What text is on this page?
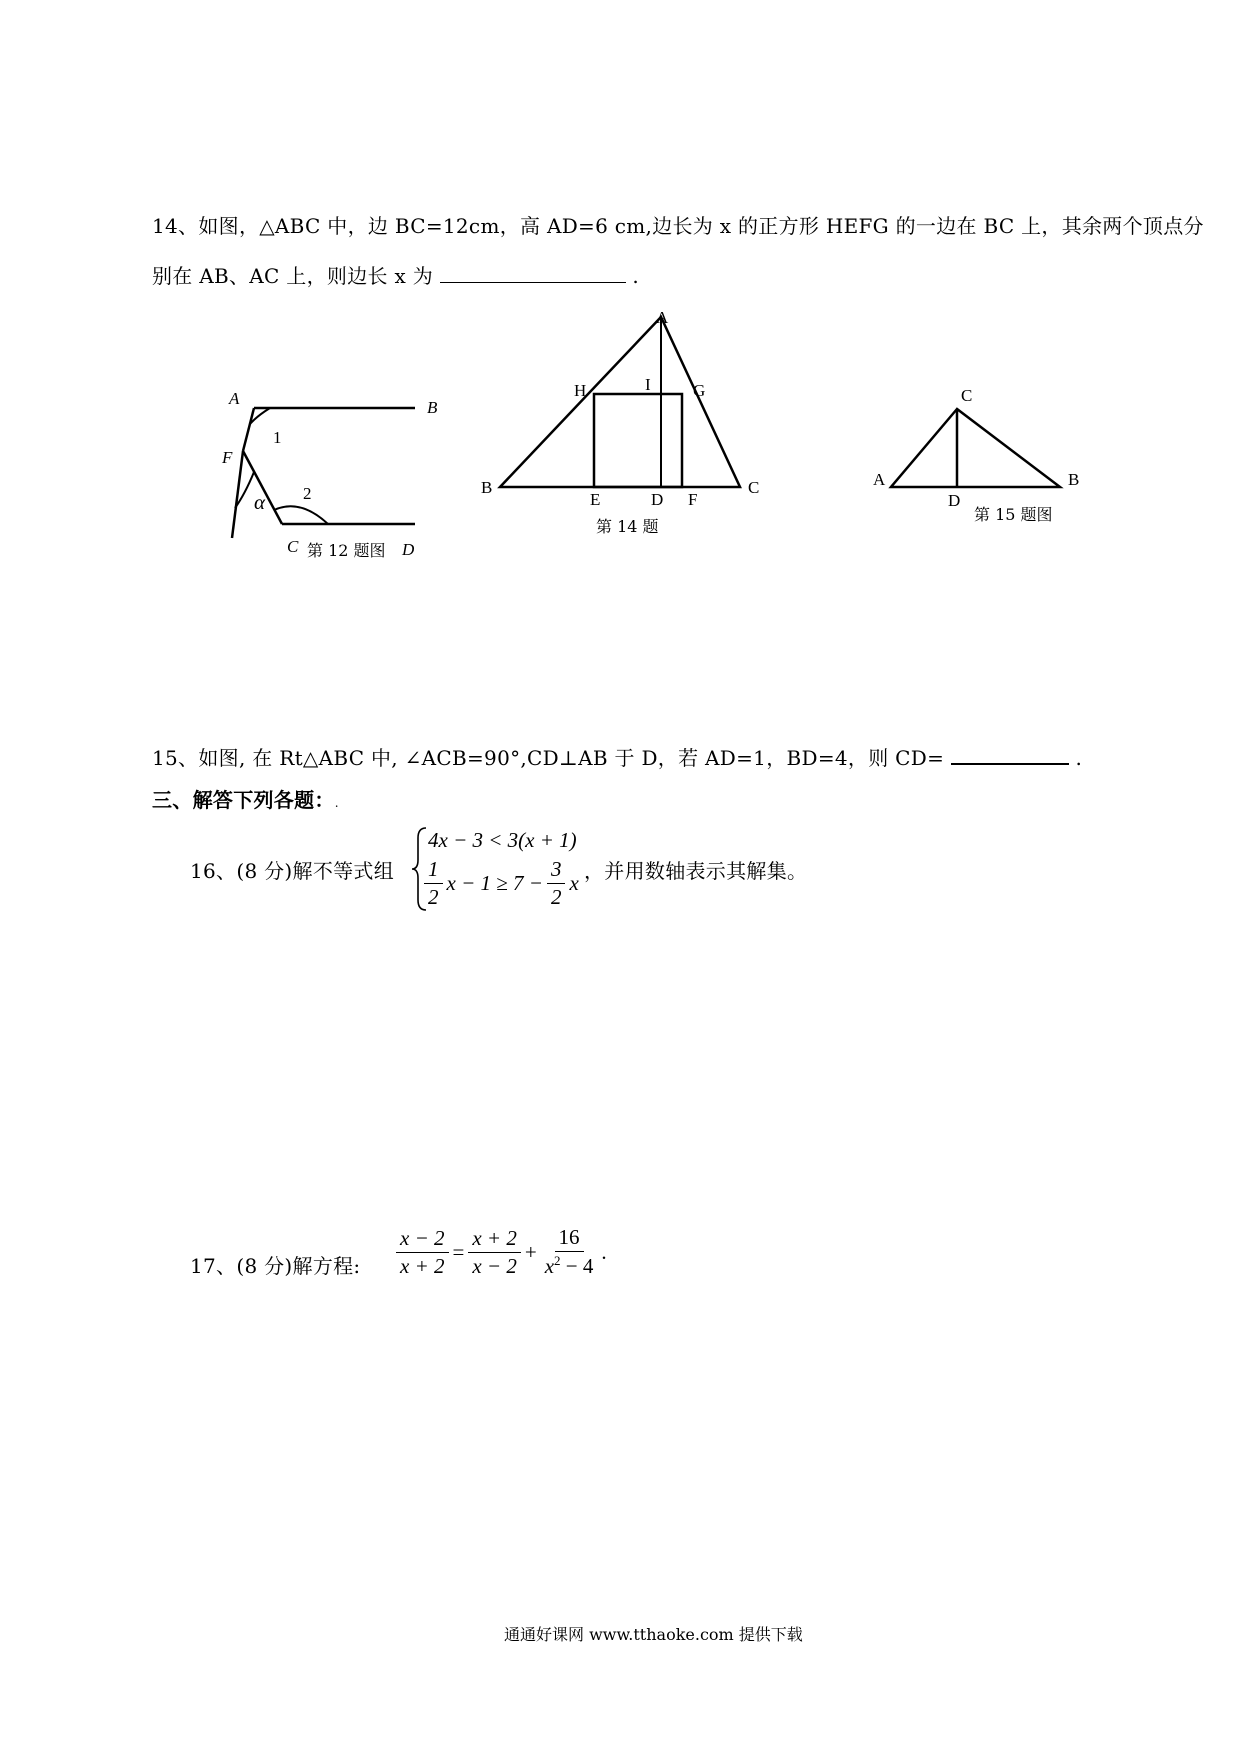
14、如图，△ABC 中，边 BC=12cm，高 AD=6 cm,边长为 x 的正方形 HEFG 的一边在 BC 上，其余两个顶点分
别在 AB、AC 上，则边长 x 为	.
A	B
1
F
2
α
C 第 12 题图 D
A
H	I G
B
E	D F
C
第 14 题
C
A	B
D
第 15 题图
15、如图, 在 Rt△ABC 中, ∠ACB=90°,CD⊥AB 于 D，若 AD=1，BD=4，则 CD=	.
三、解答下列各题：.
16、(8 分)解不等式组
4x − 3 < 3(x + 1)
$\frac{1}{2}$ $x - 1 \ge 7 - \frac{3}{2}$ x
，并用数轴表示其解集。
17、(8 分)解方程: $\frac{x - 2}{x + 2} = \frac{x + 2}{x - 2} + \frac{16}{x^2 - 4}$ .
通通好课网 www.tthaoke.com 提供下载
